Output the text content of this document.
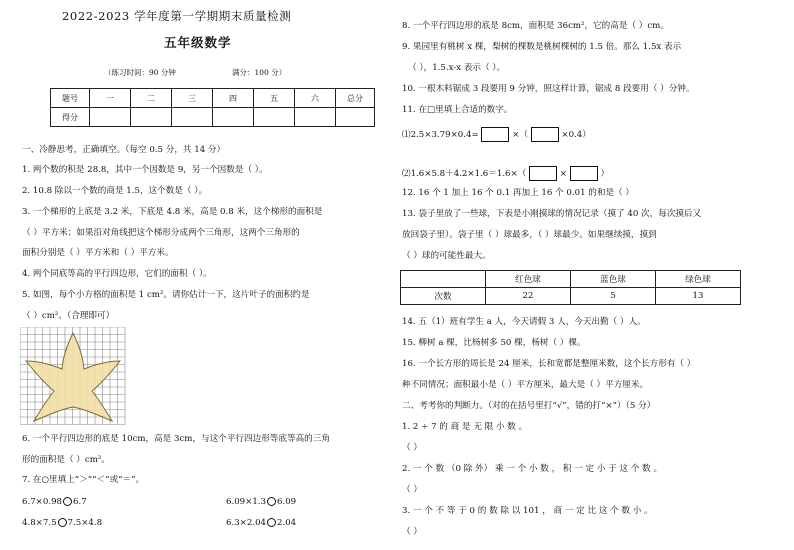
2022-2023 学年度第一学期期末质量检测
五年级数学
（练习时间：90 分钟	满分：100 分）
题号	一	二	三	四	五	六	总分
得分							
一、冷静思考，正确填空。（每空 0.5 分，共 14 分）
1. 两个数的积是 28.8，其中一个因数是 9，另一个因数是（ ）。
2. 10.8 除以一个数的商是 1.5，这个数是（ ）。
3. 一个梯形的上底是 3.2 米，下底是 4.8 米，高是 0.8 米，这个梯形的面积是
（ ）平方米；如果沿对角线把这个梯形分成两个三角形，这两个三角形的
面积分别是（ ）平方米和（ ）平方米。
4. 两个同底等高的平行四边形，它们的面积（ ）。
5. 如图，每个小方格的面积是 1 cm²。请你估计一下，这片叶子的面积约是
（ ）cm²。（合理即可）
6. 一个平行四边形的底是 10cm，高是 3cm，与这个平行四边形等底等高的三角
形的面积是（ ）cm²。
7. 在○里填上“＞”“＜”或“＝”。
6.7×0.98 6.7	6.09×1.3 6.09
4.8×7.5 7.5×4.8	6.3×2.04 2.04
8. 一个平行四边形的底是 8cm，面积是 36cm²，它的高是（ ）cm。
9. 果园里有桃树 x 棵，梨树的棵数是桃树棵树的 1.5 倍。那么 1.5x 表示
（ ），1.5.x-x 表示（ ）。
10. 一根木料锯成 3 段要用 9 分钟，照这样计算，锯成 8 段要用（ ）分钟。
11. 在□里填上合适的数字。
⑴2.5×3.79×0.4=	×（	×0.4）
⑵1.6×5.8＋4.2×1.6＝1.6×（	×	）
12. 16 个 1 加上 16 个 0.1 再加上 16 个 0.01 的和是（ ）
13. 袋子里放了一些球，下表是小刚摸球的情况记录（摸了 40 次，每次摸后又
放回袋子里）。袋子里（ ）球最多，（ ）球最少。如果继续摸，摸到
（ ）球的可能性最大。
	红色球	蓝色球	绿色球
次数	22	5	13
14. 五（1）班有学生 a 人，今天请假 3 人，今天出勤（ ）人。
15. 柳树 a 棵，比杨树多 50 棵，杨树（ ）棵。
16. 一个长方形的周长是 24 厘米，长和宽都是整厘米数，这个长方形有（ ）
种不同情况；面积最小是（ ）平方厘米，最大是（ ）平方厘米。
二、考考你的判断力。（对的在括号里打“√”，错的打“×”）（5 分）
1. 2 ÷ 7 的 商 是 无 限 小 数 。
（ ）
2. 一 个 数 （0 除 外） 乘 一 个 小 数 ， 积 一 定 小 于 这 个 数 。
（ ）
3. 一 个 不 等 于 0 的 数 除 以 101 ， 商 一 定 比 这 个 数 小 。
（ ）
